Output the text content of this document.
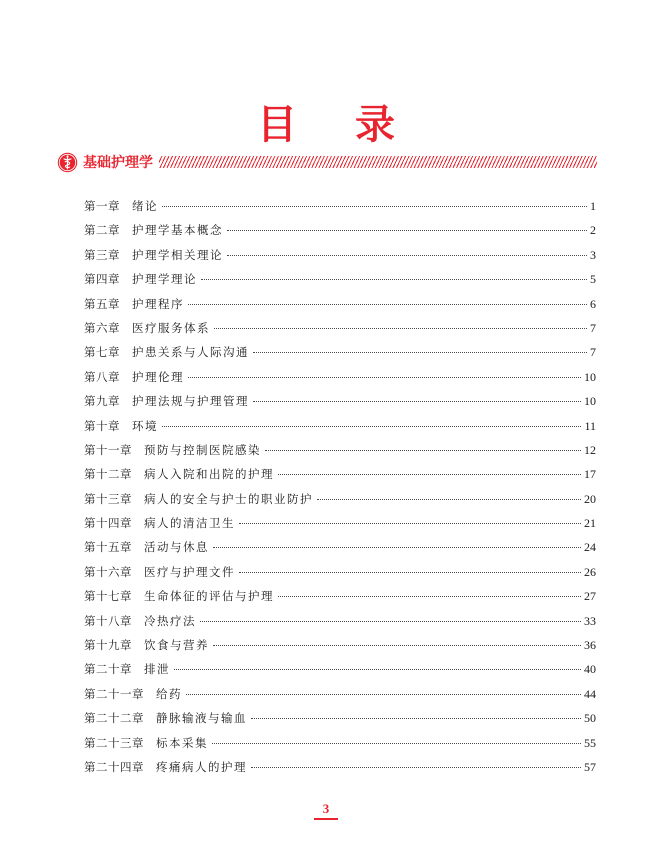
目录
基础护理学
第一章 绪论	1
第二章 护理学基本概念	2
第三章 护理学相关理论	3
第四章 护理学理论	5
第五章 护理程序	6
第六章 医疗服务体系	7
第七章 护患关系与人际沟通	7
第八章 护理伦理	10
第九章 护理法规与护理管理	10
第十章 环境	11
第十一章 预防与控制医院感染	12
第十二章 病人入院和出院的护理	17
第十三章 病人的安全与护士的职业防护	20
第十四章 病人的清洁卫生	21
第十五章 活动与休息	24
第十六章 医疗与护理文件	26
第十七章 生命体征的评估与护理	27
第十八章 冷热疗法	33
第十九章 饮食与营养	36
第二十章 排泄	40
第二十一章 给药	44
第二十二章 静脉输液与输血	50
第二十三章 标本采集	55
第二十四章 疼痛病人的护理	57
3
